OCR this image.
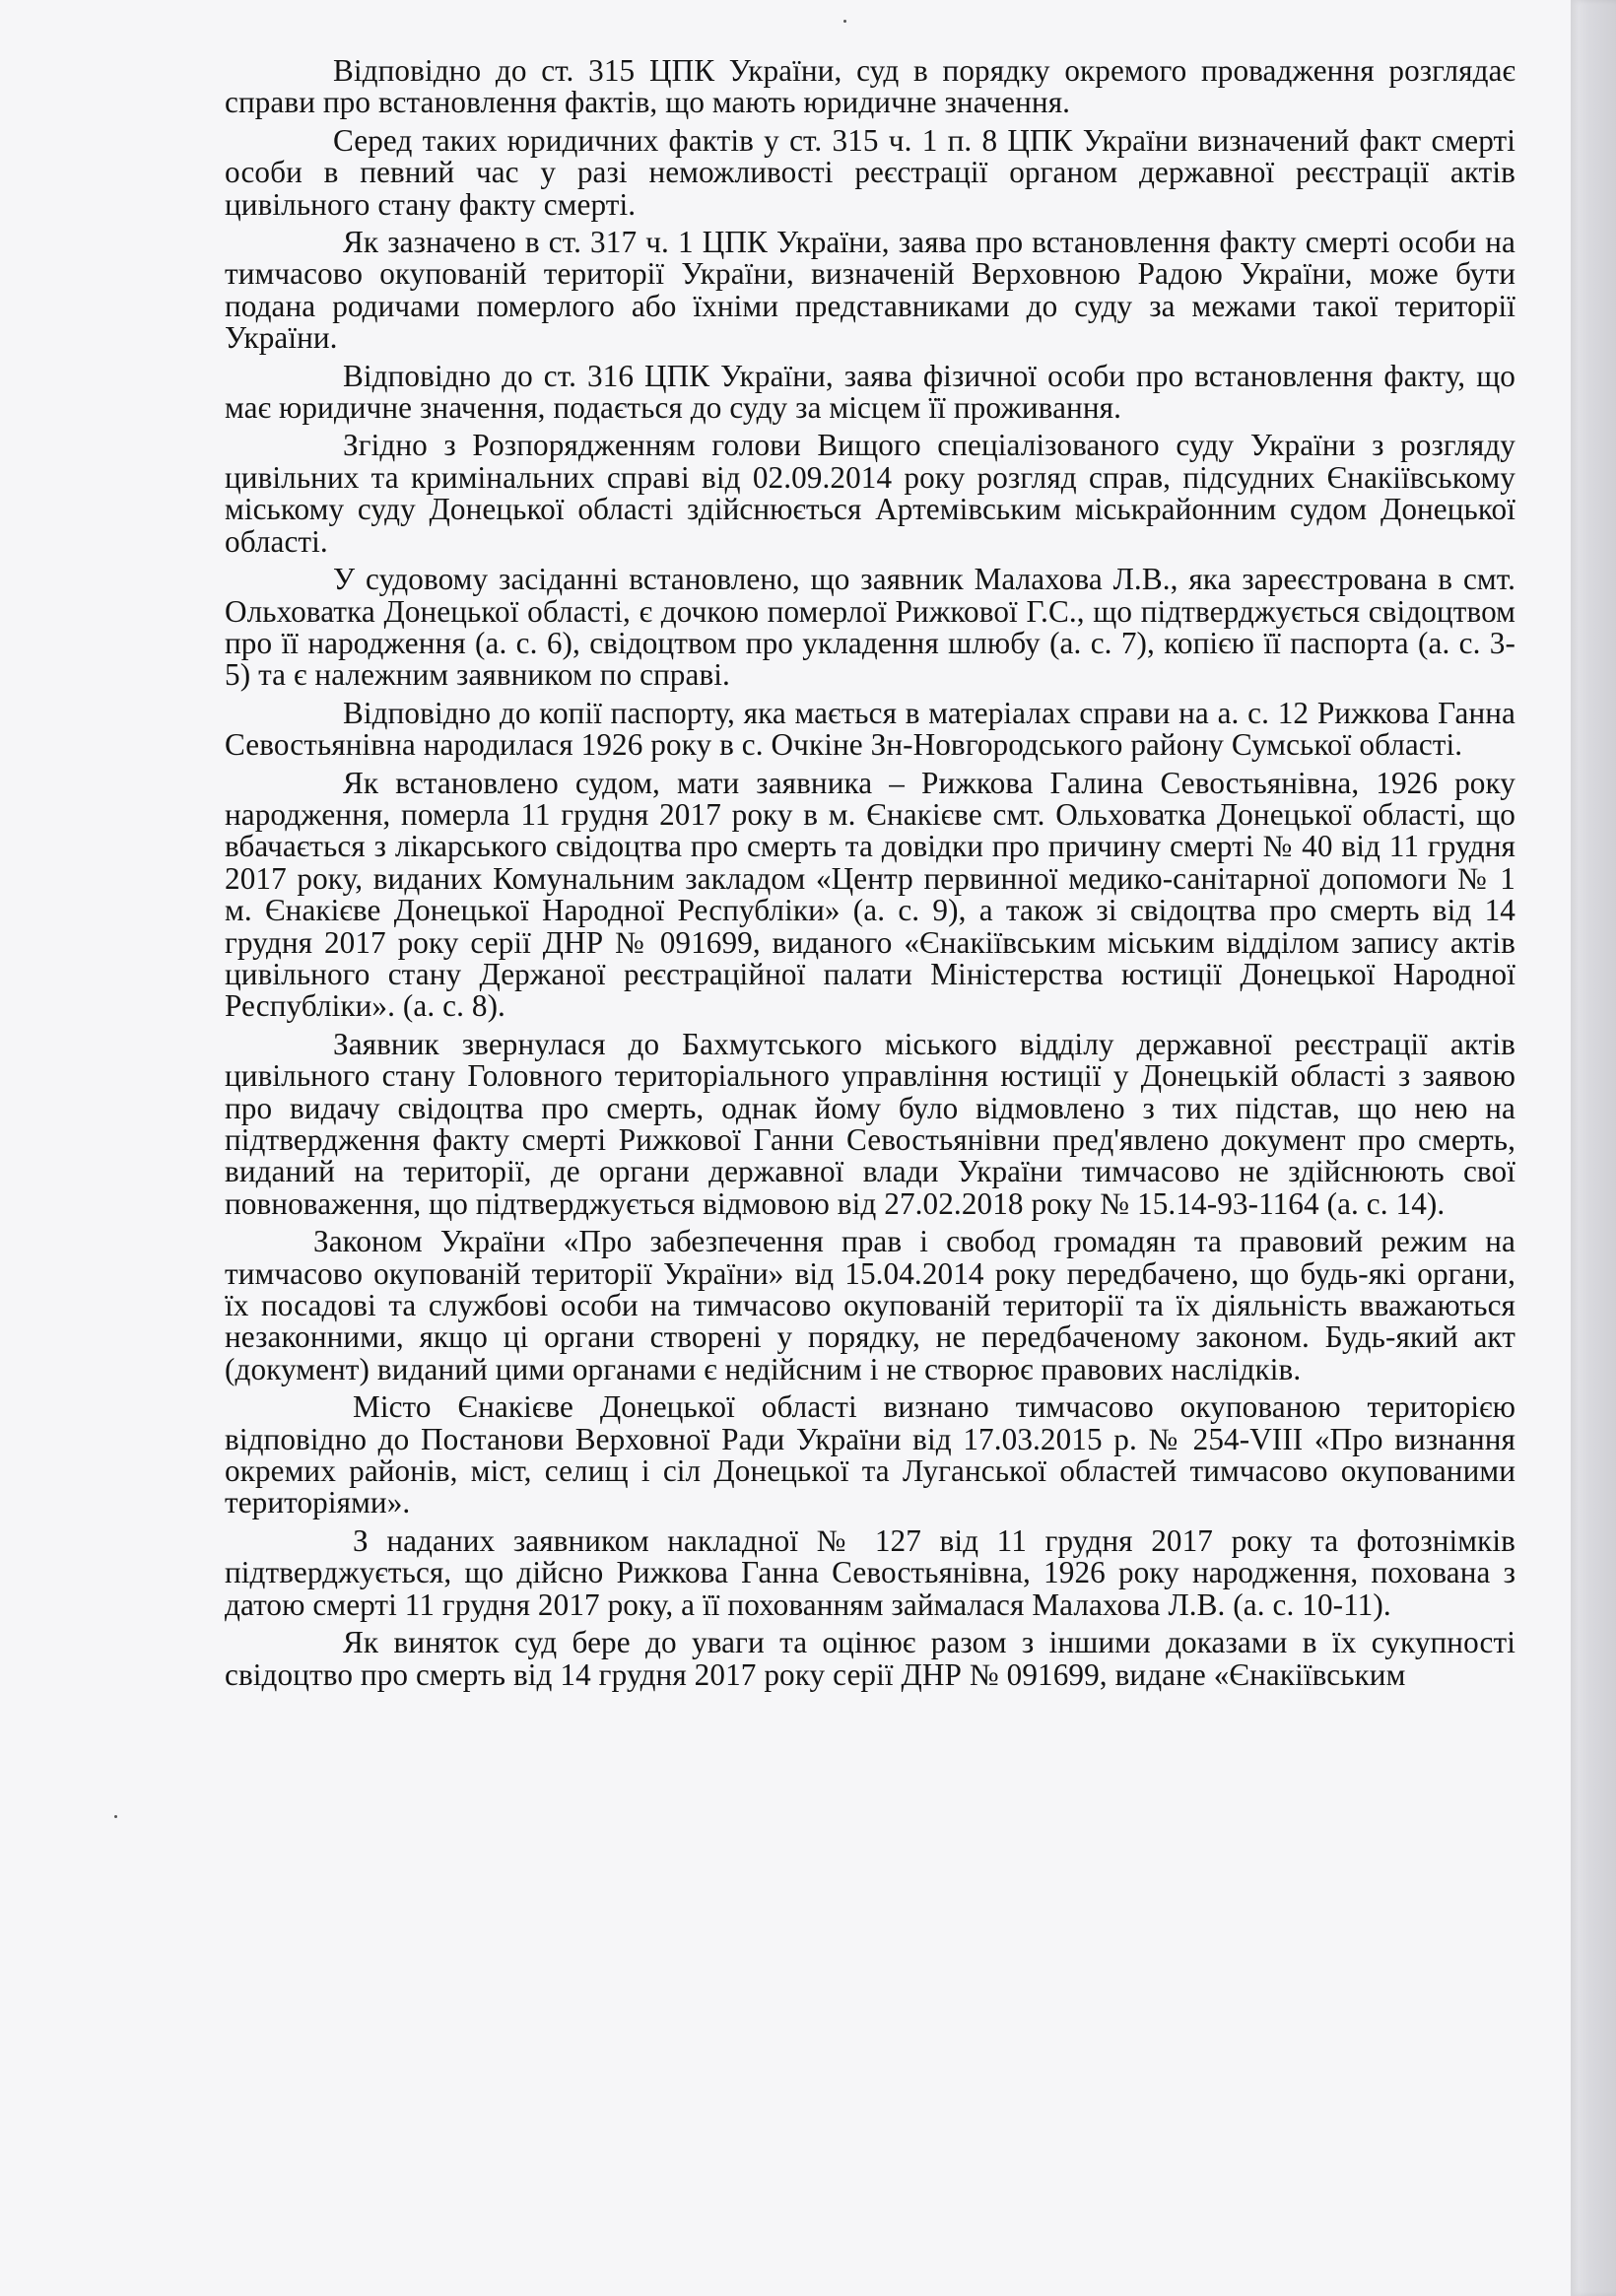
Відповідно до ст. 315 ЦПК України, суд в порядку окремого провадження розглядає справи про встановлення фактів, що мають юридичне значення.

Серед таких юридичних фактів у ст. 315 ч. 1 п. 8 ЦПК України визначений факт смерті особи в певний час у разі неможливості реєстрації органом державної реєстрації актів цивільного стану факту смерті.

Як зазначено в ст. 317 ч. 1 ЦПК України, заява про встановлення факту смерті особи на тимчасово окупованій території України, визначеній Верховною Радою України, може бути подана родичами померлого або їхніми представниками до суду за межами такої території України.

Відповідно до ст. 316 ЦПК України, заява фізичної особи про встановлення факту, що має юридичне значення, подається до суду за місцем її проживання.

Згідно з Розпорядженням голови Вищого спеціалізованого суду України з розгляду цивільних та кримінальних справі від 02.09.2014 року розгляд справ, підсудних Єнакіївському міському суду Донецької області здійснюється Артемівським міськрайонним судом Донецької області.

У судовому засіданні встановлено, що заявник Малахова Л.В., яка зареєстрована в смт. Ольховатка Донецької області, є дочкою померлої Рижкової Г.С., що підтверджується свідоцтвом про її народження (а. с. 6), свідоцтвом про укладення шлюбу (а. с. 7), копією її паспорта (а. с. 3-5) та є належним заявником по справі.

Відповідно до копії паспорту, яка мається в матеріалах справи на а. с. 12 Рижкова Ганна Севостьянівна народилася 1926 року в с. Очкіне Зн-Новгородського району Сумської області.

Як встановлено судом, мати заявника – Рижкова Галина Севостьянівна, 1926 року народження, померла 11 грудня 2017 року в м. Єнакієве смт. Ольховатка Донецької області, що вбачається з лікарського свідоцтва про смерть та довідки про причину смерті № 40 від 11 грудня 2017 року, виданих Комунальним закладом «Центр первинної медико-санітарної допомоги № 1 м. Єнакієве Донецької Народної Республіки» (а. с. 9), а також зі свідоцтва про смерть від 14 грудня 2017 року серії ДНР № 091699, виданого «Єнакіївським міським відділом запису актів цивільного стану Держаної реєстраційної палати Міністерства юстиції Донецької Народної Республіки». (а. с. 8).

Заявник звернулася до Бахмутського міського відділу державної реєстрації актів цивільного стану Головного територіального управління юстиції у Донецькій області з заявою про видачу свідоцтва про смерть, однак йому було відмовлено з тих підстав, що нею на підтвердження факту смерті Рижкової Ганни Севостьянівни пред'явлено документ про смерть, виданий на території, де органи державної влади України тимчасово не здійснюють свої повноваження, що підтверджується відмовою від 27.02.2018 року № 15.14-93-1164 (а. с. 14).

Законом України «Про забезпечення прав і свобод громадян та правовий режим на тимчасово окупованій території України» від 15.04.2014 року передбачено, що будь-які органи, їх посадові та службові особи на тимчасово окупованій території та їх діяльність вважаються незаконними, якщо ці органи створені у порядку, не передбаченому законом. Будь-який акт (документ) виданий цими органами є недійсним і не створює правових наслідків.

Місто Єнакієве Донецької області визнано тимчасово окупованою територією відповідно до Постанови Верховної Ради України від 17.03.2015 р. № 254-VIII «Про визнання окремих районів, міст, селищ і сіл Донецької та Луганської областей тимчасово окупованими територіями».

З наданих заявником накладної № 127 від 11 грудня 2017 року та фотознімків підтверджується, що дійсно Рижкова Ганна Севостьянівна, 1926 року народження, похована з датою смерті 11 грудня 2017 року, а її похованням займалася Малахова Л.В. (а. с. 10-11).

Як виняток суд бере до уваги та оцінює разом з іншими доказами в їх сукупності свідоцтво про смерть від 14 грудня 2017 року серії ДНР № 091699, видане «Єнакіївським
